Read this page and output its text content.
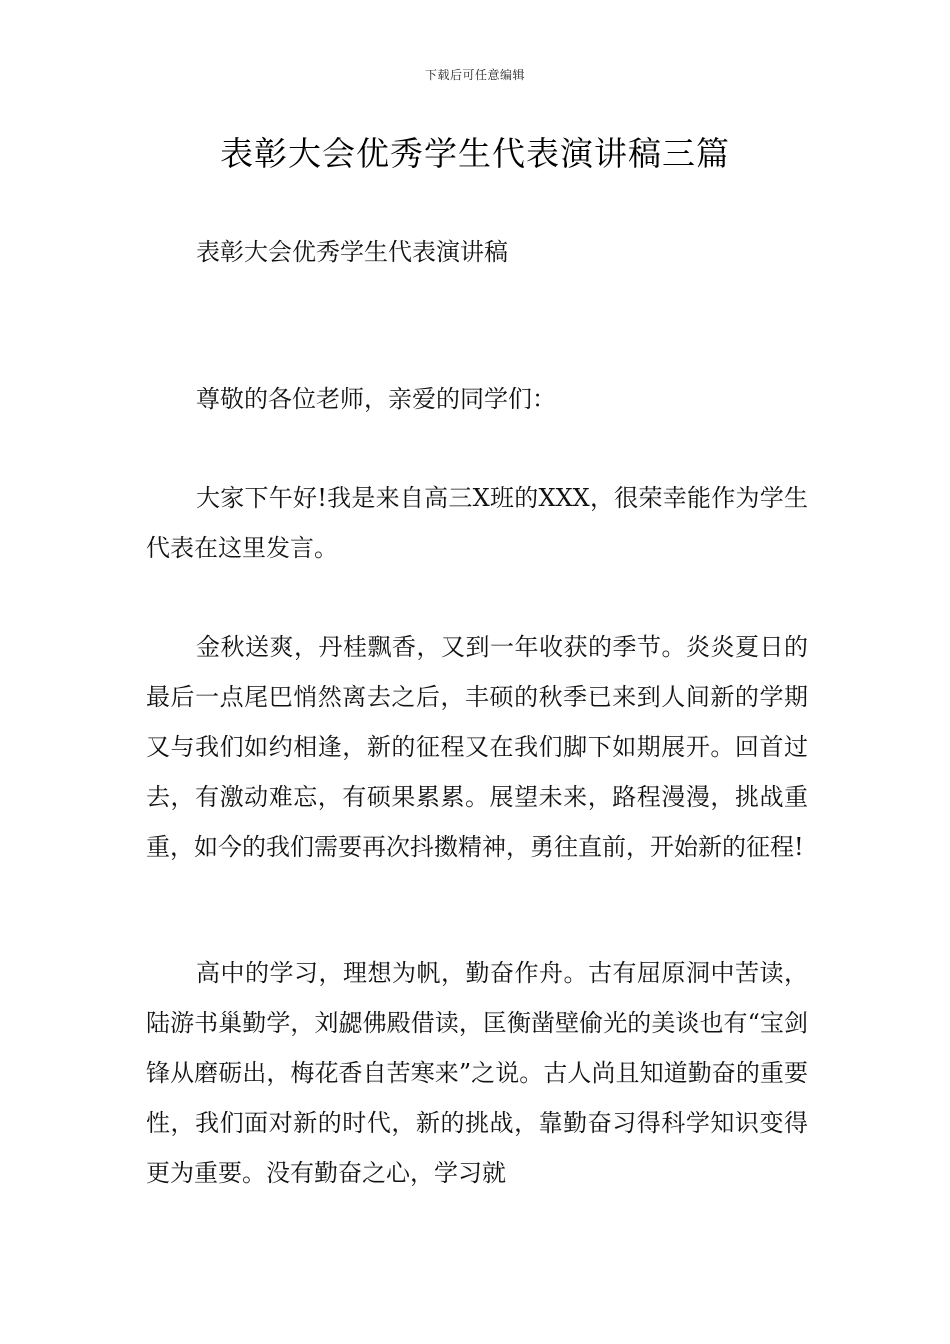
下载后可任意编辑
表彰大会优秀学生代表演讲稿三篇
表彰大会优秀学生代表演讲稿

尊敬的各位老师，亲爱的同学们：

大家下午好!我是来自高三X班的XXX，很荣幸能作为学生代表在这里发言。

金秋送爽，丹桂飘香，又到一年收获的季节。炎炎夏日的最后一点尾巴悄然离去之后，丰硕的秋季已来到人间新的学期又与我们如约相逢，新的征程又在我们脚下如期展开。回首过去，有激动难忘，有硕果累累。展望未来，路程漫漫，挑战重重，如今的我们需要再次抖擞精神，勇往直前，开始新的征程!

高中的学习，理想为帆，勤奋作舟。古有屈原洞中苦读，陆游书巢勤学，刘勰佛殿借读，匡衡凿壁偷光的美谈也有“宝剑锋从磨砺出，梅花香自苦寒来”之说。古人尚且知道勤奋的重要性，我们面对新的时代，新的挑战，靠勤奋习得科学知识变得更为重要。没有勤奋之心，学习就
